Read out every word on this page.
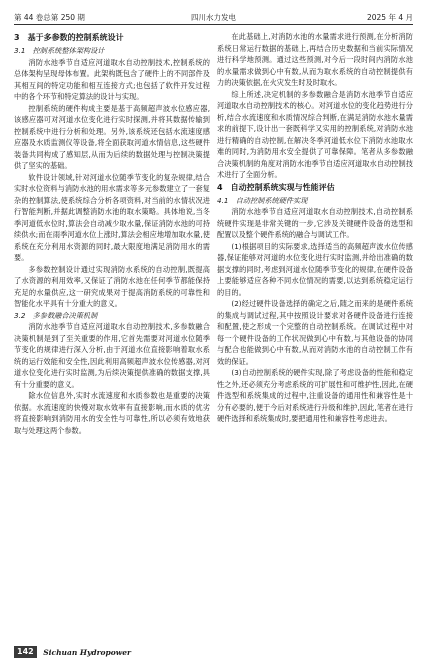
第 44 卷总第 250 期	四川水力发电	2025 年 4 月
3　基于多参数的控制系统设计
3.1　控制系统整体架构设计

消防水池季节自适应河道取水自动控制技术,控制系统的总体架构呈现母体布置。此架构既包含了硬件上的不同部件及其相互间的特定功能和相互连接方式;也包括了软件开发过程中的各个环节和特定算法的设计与实现。

控制系统的硬件构成主要是基于高频超声波水位感应器,该感应器可对河道水位变化进行实时探测,并将其数据传输到控制系统中进行分析和处理。另外,该系统还包括水流速度感应器及水质监测仪等设备,将全面获取河道水情信息,这些硬件装备共同构成了感知层,从而为后续的数据处理与控制决策提供了坚实的基础。

软件设计领域,针对河道水位随季节变化的复杂规律,结合实时水位资料与消防水池的用水需求等多元参数建立了一套复杂的控制算法,使系统综合分析各项资料,对当前的水情状况进行智能判断,并据此调整消防水池的取水策略。具体地说,当冬季河道低水位时,算法会自动减少取水量,保证消防水池的可持续供水;而在雨季河道水位上涨时,算法会相应地增加取水量,使系统在充分利用水资源的同时,最大限度地满足消防用水的需要。

多参数控制设计通过实现消防水系统的自动控制,既提高了水资源的利用效率,又保证了消防水池在任何季节都能保持充足的水量供应,这一研究成果对于提高消防系统的可靠性和智能化水平具有十分重大的意义。

3.2　多参数融合决策机制

消防水池季节自适应河道取水自动控制技术,多参数融合决策机制是到了至关重要的作用,它首先需要对河道水位随季节变化的规律进行深入分析,由于河道水位直接影响着取水系统的运行效能和安全性,因此利用高频超声波水位传感器,对河道水位变化进行实时监测,为后续决策提供准确的数据支撑,具有十分重要的意义。

除水位信息外,实时水流速度和水质参数也是重要的决策依据。水流速度的快慢对取水效率有直接影响,而水质的优劣将直接影响到消防用水的安全性与可靠性,所以必须有效地获取与处理这两个参数。

在此基础上,对消防水池的水量需求进行预测,在分析消防系统日常运行数据的基础上,再结合历史数据和当前实际情况进行科学地预测。通过这些预测,对今后一段时间内消防水池的水量需求做到心中有数,从而为取水系统的自动控制提供有力的决策依据,在火灾发生时及时取水。

综上所述,决定机制的多参数融合是消防水池季节自适应河道取水自动控制技术的核心。对河道水位的变化趋势进行分析,结合水流速度和水质情况综合判断,在满足消防水池水量需求的前提下,设计出一套既科学又实用的控制系统,对消防水池进行精确的自动控制,在解决冬季河道低水位下消防水池取水难的同时,为消防用水安全提供了可靠保障。笔者从多参数融合决策机制的角度对消防水池季节自适应河道取水自动控制技术进行了全面分析。

4　自动控制系统实现与性能评估
4.1　自动控制系统硬件实现

消防水池季节自适应河道取水自动控制技术,自动控制系统硬件实现是非常关键的一步,它涉及关键硬件设备的选型和配置以及整个硬件系统的融合与调试工作。

(1)根据项目的实际要求,选择适当的高频超声波水位传感器,保证能够对河道的水位变化进行实时监测,并给出准确的数据支撑的同时,考虑到河道水位随季节变化的规律,在硬件设备上要能够适应各种不同水位情况的需要,以达到系统稳定运行的目的。

(2)经过硬件设备选择的确定之后,随之而来的是硬件系统的集成与调试过程,其中按照设计要求对各硬件设备进行连接和配置,使之形成一个完整的自动控制系统。在调试过程中对每一个硬件设备的工作状况做到心中有数,与其他设备的协同与配合也能做到心中有数,从而对消防水池的自动控制工作有效的保证。

(3)自动控制系统的硬件实现,除了考虑设备的性能和稳定性之外,还必须充分考虑系统的可扩展性和可维护性,因此,在硬件选型和系统集成的过程中,注重设备的通用性和兼容性是十分有必要的,便于今后对系统进行升级和维护,因此,笔者在进行硬件选择和系统集成时,要把通用性和兼容性考虑进去。

142 Sichuan Hydropower
